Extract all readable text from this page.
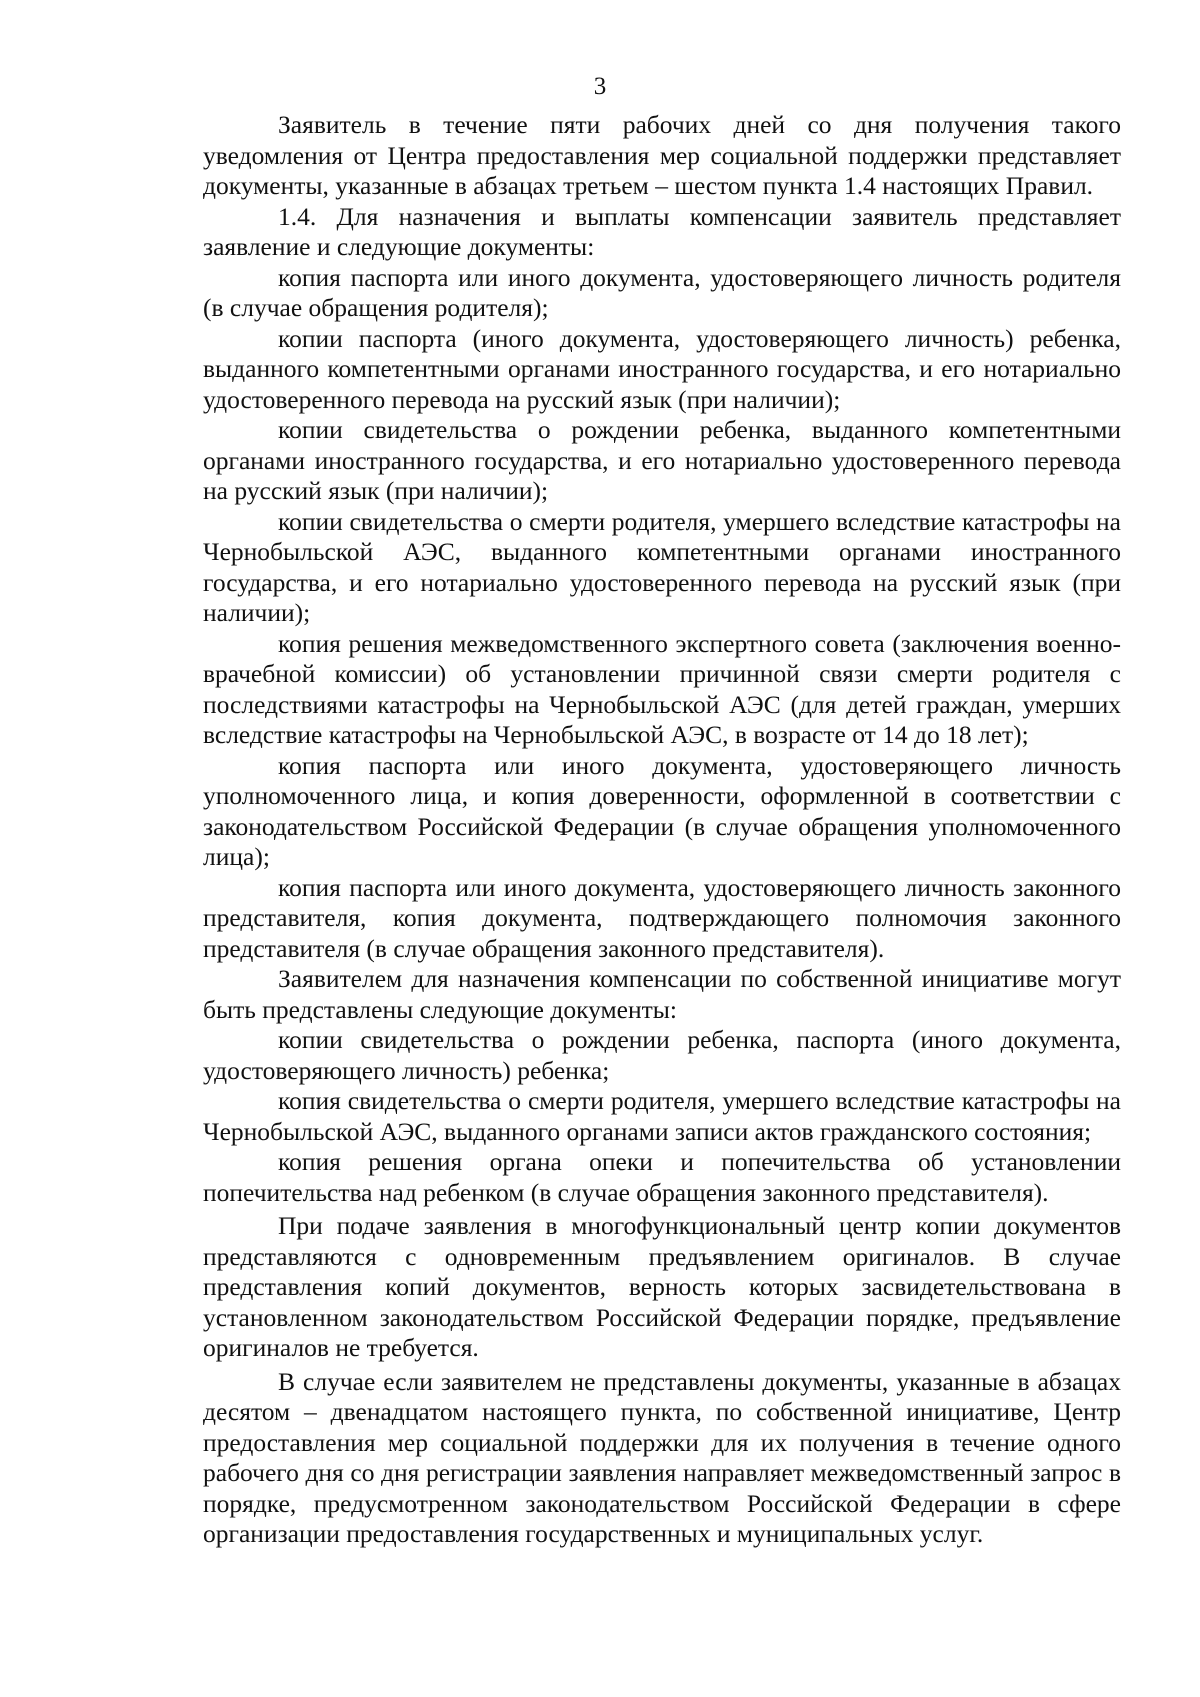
3

Заявитель в течение пяти рабочих дней со дня получения такого уведомления от Центра предоставления мер социальной поддержки представляет документы, указанные в абзацах третьем – шестом пункта 1.4 настоящих Правил.

1.4. Для назначения и выплаты компенсации заявитель представляет заявление и следующие документы:

копия паспорта или иного документа, удостоверяющего личность родителя (в случае обращения родителя);

копии паспорта (иного документа, удостоверяющего личность) ребенка, выданного компетентными органами иностранного государства, и его нотариально удостоверенного перевода на русский язык (при наличии);

копии свидетельства о рождении ребенка, выданного компетентными органами иностранного государства, и его нотариально удостоверенного перевода на русский язык (при наличии);

копии свидетельства о смерти родителя, умершего вследствие катастрофы на Чернобыльской АЭС, выданного компетентными органами иностранного государства, и его нотариально удостоверенного перевода на русский язык (при наличии);

копия решения межведомственного экспертного совета (заключения военно-врачебной комиссии) об установлении причинной связи смерти родителя с последствиями катастрофы на Чернобыльской АЭС (для детей граждан, умерших вследствие катастрофы на Чернобыльской АЭС, в возрасте от 14 до 18 лет);

копия паспорта или иного документа, удостоверяющего личность уполномоченного лица, и копия доверенности, оформленной в соответствии с законодательством Российской Федерации (в случае обращения уполномоченного лица);

копия паспорта или иного документа, удостоверяющего личность законного представителя, копия документа, подтверждающего полномочия законного представителя (в случае обращения законного представителя).

Заявителем для назначения компенсации по собственной инициативе могут быть представлены следующие документы:

копии свидетельства о рождении ребенка, паспорта (иного документа, удостоверяющего личность) ребенка;

копия свидетельства о смерти родителя, умершего вследствие катастрофы на Чернобыльской АЭС, выданного органами записи актов гражданского состояния;

копия решения органа опеки и попечительства об установлении попечительства над ребенком (в случае обращения законного представителя).

При подаче заявления в многофункциональный центр копии документов представляются с одновременным предъявлением оригиналов. В случае представления копий документов, верность которых засвидетельствована в установленном законодательством Российской Федерации порядке, предъявление оригиналов не требуется.

В случае если заявителем не представлены документы, указанные в абзацах десятом – двенадцатом настоящего пункта, по собственной инициативе, Центр предоставления мер социальной поддержки для их получения в течение одного рабочего дня со дня регистрации заявления направляет межведомственный запрос в порядке, предусмотренном законодательством Российской Федерации в сфере организации предоставления государственных и муниципальных услуг.
